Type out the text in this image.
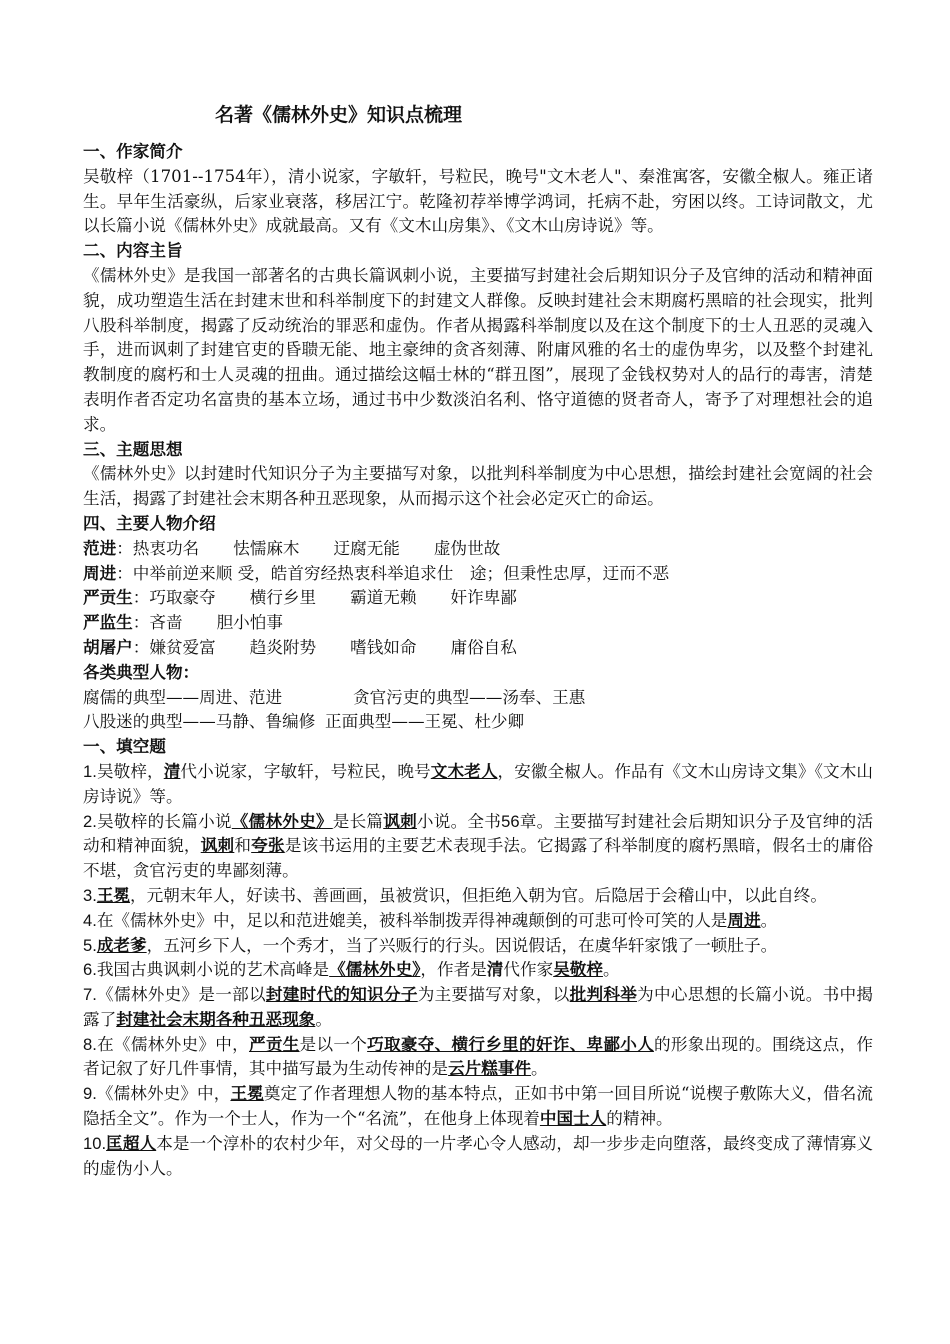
名著《儒林外史》知识点梳理
一、作家简介

吴敬梓（1701--1754年），清小说家，字敏轩，号粒民，晚号"文木老人"、秦淮寓客，安徽全椒人。雍正诸生。早年生活豪纵，后家业衰落，移居江宁。乾隆初荐举博学鸿词，托病不赴，穷困以终。工诗词散文，尤以长篇小说《儒林外史》成就最高。又有《文木山房集》、《文木山房诗说》等。

二、内容主旨

《儒林外史》是我国一部著名的古典长篇讽刺小说，主要描写封建社会后期知识分子及官绅的活动和精神面貌，成功塑造生活在封建末世和科举制度下的封建文人群像。反映封建社会末期腐朽黑暗的社会现实，批判八股科举制度，揭露了反动统治的罪恶和虚伪。作者从揭露科举制度以及在这个制度下的士人丑恶的灵魂入手，进而讽刺了封建官吏的昏聩无能、地主豪绅的贪吝刻薄、附庸风雅的名士的虚伪卑劣，以及整个封建礼教制度的腐朽和士人灵魂的扭曲。通过描绘这幅士林的“群丑图”，展现了金钱权势对人的品行的毒害，清楚表明作者否定功名富贵的基本立场，通过书中少数淡泊名利、恪守道德的贤者奇人，寄予了对理想社会的追求。

三、主题思想

《儒林外史》以封建时代知识分子为主要描写对象，以批判科举制度为中心思想，描绘封建社会宽阔的社会生活，揭露了封建社会末期各种丑恶现象，从而揭示这个社会必定灭亡的命运。

四、主要人物介绍
范进：热衷功名 怯懦麻木 迂腐无能 虚伪世故
周进：中举前逆来顺 受，皓首穷经热衷科举追求仕　途；但秉性忠厚，迂而不恶
严贡生：巧取豪夺 横行乡里 霸道无赖 奸诈卑鄙
严监生：吝啬 胆小怕事
胡屠户：嫌贫爱富 趋炎附势 嗜钱如命 庸俗自私
各类典型人物：
腐儒的典型——周进、范进	贪官污吏的典型——汤奉、王惠
八股迷的典型——马静、鲁编修 正面典型——王冕、杜少卿
一、填空题

1.吴敬梓，清代小说家，字敏轩，号粒民，晚号文木老人，安徽全椒人。作品有《文木山房诗文集》《文木山房诗说》等。

2.吴敬梓的长篇小说《儒林外史》是长篇讽刺小说。全书56章。主要描写封建社会后期知识分子及官绅的活动和精神面貌，讽刺和夸张是该书运用的主要艺术表现手法。它揭露了科举制度的腐朽黑暗，假名士的庸俗不堪，贪官污吏的卑鄙刻薄。

3.王冕，元朝末年人，好读书、善画画，虽被赏识，但拒绝入朝为官。后隐居于会稽山中，以此自终。

4.在《儒林外史》中，足以和范进媲美，被科举制拨弄得神魂颠倒的可悲可怜可笑的人是周进。

5.成老爹，五河乡下人，一个秀才，当了兴贩行的行头。因说假话，在虞华轩家饿了一顿肚子。

6.我国古典讽刺小说的艺术高峰是《儒林外史》，作者是清代作家吴敬梓。

7.《儒林外史》是一部以封建时代的知识分子为主要描写对象，以批判科举为中心思想的长篇小说。书中揭露了封建社会末期各种丑恶现象。

8.在《儒林外史》中，严贡生是以一个巧取豪夺、横行乡里的奸诈、卑鄙小人的形象出现的。围绕这点，作者记叙了好几件事情，其中描写最为生动传神的是云片糕事件。

9.《儒林外史》中，王冕奠定了作者理想人物的基本特点，正如书中第一回目所说“说楔子敷陈大义，借名流隐括全文”。作为一个士人，作为一个“名流”，在他身上体现着中国士人的精神。

10.匡超人本是一个淳朴的农村少年，对父母的一片孝心令人感动，却一步步走向堕落，最终变成了薄情寡义的虚伪小人。
